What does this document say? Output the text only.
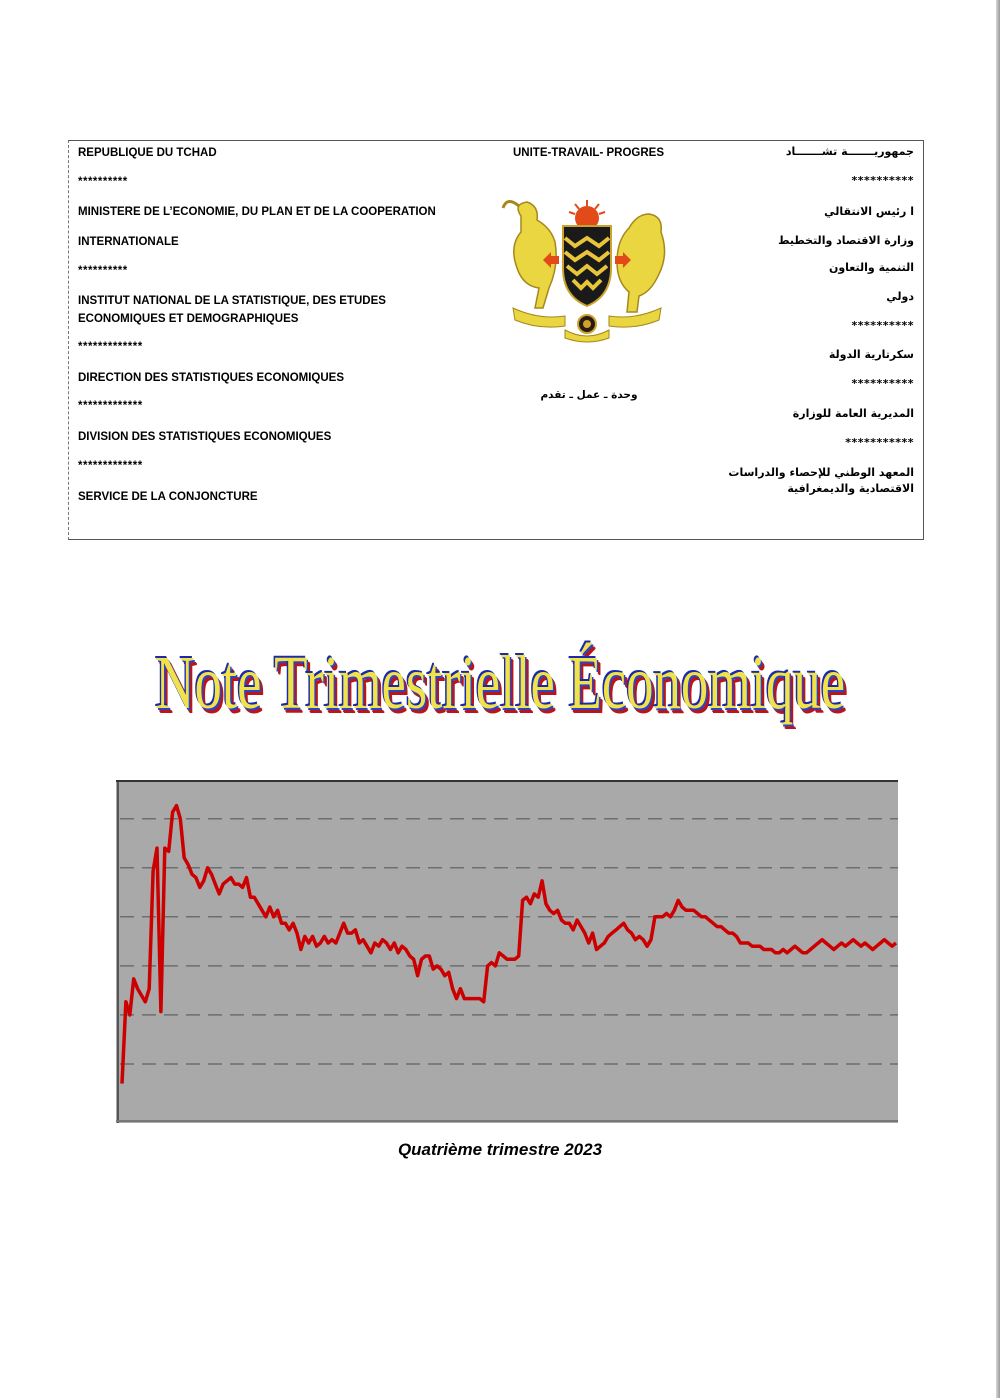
REPUBLIQUE DU TCHAD
**********
MINISTERE DE L’ECONOMIE, DU PLAN ET DE LA COOPERATION
INTERNATIONALE
**********
INSTITUT NATIONAL DE LA STATISTIQUE, DES ETUDES
ECONOMIQUES ET DEMOGRAPHIQUES
*************
DIRECTION DES STATISTIQUES ECONOMIQUES
*************
DIVISION DES STATISTIQUES ECONOMIQUES
*************
SERVICE DE LA CONJONCTURE
UNITE-TRAVAIL- PROGRES
وحدة ـ عمل ـ تقدم
جمهوريـــــــة تشـــــــاد
**********
ا رئيس الانتقالي
وزارة الاقتصاد والتخطيط
التنمية والتعاون
دولي
**********
سكرتارية الدولة
**********
المديرية العامة للوزارة
***********
المعهد الوطني للإحصاء والدراسات
الاقتصادية والديمغرافية
Note Trimestrielle Économique
Quatrième trimestre 2023
